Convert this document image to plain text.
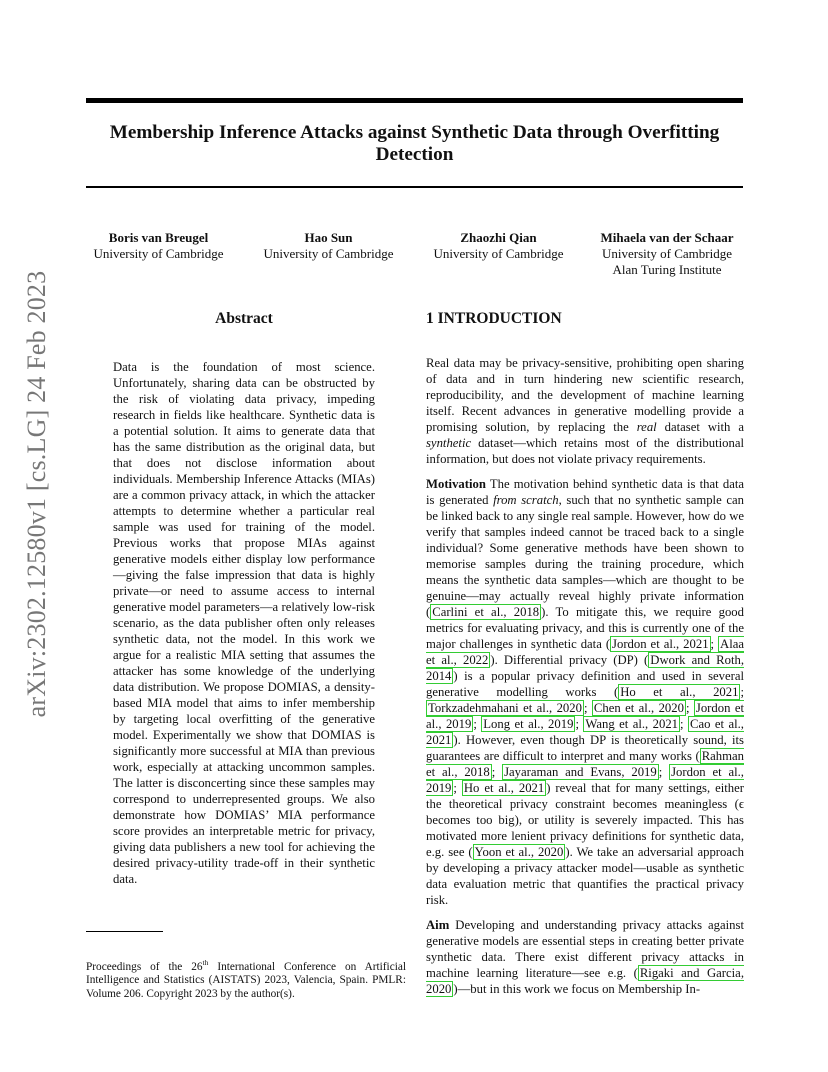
arXiv:2302.12580v1 [cs.LG] 24 Feb 2023
Membership Inference Attacks against Synthetic Data through Overfitting
Detection
Boris van Breugel
University of Cambridge
Hao Sun
University of Cambridge
Zhaozhi Qian
University of Cambridge
Mihaela van der Schaar
University of Cambridge
Alan Turing Institute
Abstract

Data is the foundation of most science. Unfortunately, sharing data can be obstructed by the risk of violating data privacy, impeding research in fields like healthcare. Synthetic data is a potential solution. It aims to generate data that has the same distribution as the original data, but that does not disclose information about individuals. Membership Inference Attacks (MIAs) are a common privacy attack, in which the attacker attempts to determine whether a particular real sample was used for training of the model. Previous works that propose MIAs against generative models either display low performance—giving the false impression that data is highly private—or need to assume access to internal generative model parameters—a relatively low-risk scenario, as the data publisher often only releases synthetic data, not the model. In this work we argue for a realistic MIA setting that assumes the attacker has some knowledge of the underlying data distribution. We propose DOMIAS, a density-based MIA model that aims to infer membership by targeting local overfitting of the generative model. Experimentally we show that DOMIAS is significantly more successful at MIA than previous work, especially at attacking uncommon samples. The latter is disconcerting since these samples may correspond to underrepresented groups. We also demonstrate how DOMIAS’ MIA performance score provides an interpretable metric for privacy, giving data publishers a new tool for achieving the desired privacy-utility trade-off in their synthetic data.

1 INTRODUCTION

Real data may be privacy-sensitive, prohibiting open sharing of data and in turn hindering new scientific research, reproducibility, and the development of machine learning itself. Recent advances in generative modelling provide a promising solution, by replacing the real dataset with a synthetic dataset—which retains most of the distributional information, but does not violate privacy requirements.

Motivation The motivation behind synthetic data is that data is generated from scratch, such that no synthetic sample can be linked back to any single real sample. However, how do we verify that samples indeed cannot be traced back to a single individual? Some generative methods have been shown to memorise samples during the training procedure, which means the synthetic data samples—which are thought to be genuine—may actually reveal highly private information ( Carlini et al., 2018 ). To mitigate this, we require good metrics for evaluating privacy, and this is currently one of the major challenges in synthetic data ( Jordon et al., 2021 ; Alaa et al., 2022 ). Differential privacy (DP) ( Dwork and Roth, 2014 ) is a popular privacy definition and used in several generative modelling works ( Ho et al., 2021 ; Torkzadehmahani et al., 2020 ; Chen et al., 2020 ; Jordon et al., 2019 ; Long et al., 2019 ; Wang et al., 2021 ; Cao et al., 2021 ). However, even though DP is theoretically sound, its guarantees are difficult to interpret and many works ( Rahman et al., 2018 ; Jayaraman and Evans, 2019 ; Jordon et al., 2019 ; Ho et al., 2021 ) reveal that for many settings, either the theoretical privacy constraint becomes meaningless (ϵ becomes too big), or utility is severely impacted. This has motivated more lenient privacy definitions for synthetic data, e.g. see ( Yoon et al., 2020 ). We take an adversarial approach by developing a privacy attacker model—usable as synthetic data evaluation metric that quantifies the practical privacy risk.

Aim Developing and understanding privacy attacks against generative models are essential steps in creating better private synthetic data. There exist different privacy attacks in machine learning literature—see e.g. ( Rigaki and Garcia, 2020 )—but in this work we focus on Membership In-

Proceedings of the 26th International Conference on Artificial Intelligence and Statistics (AISTATS) 2023, Valencia, Spain. PMLR: Volume 206. Copyright 2023 by the author(s).
